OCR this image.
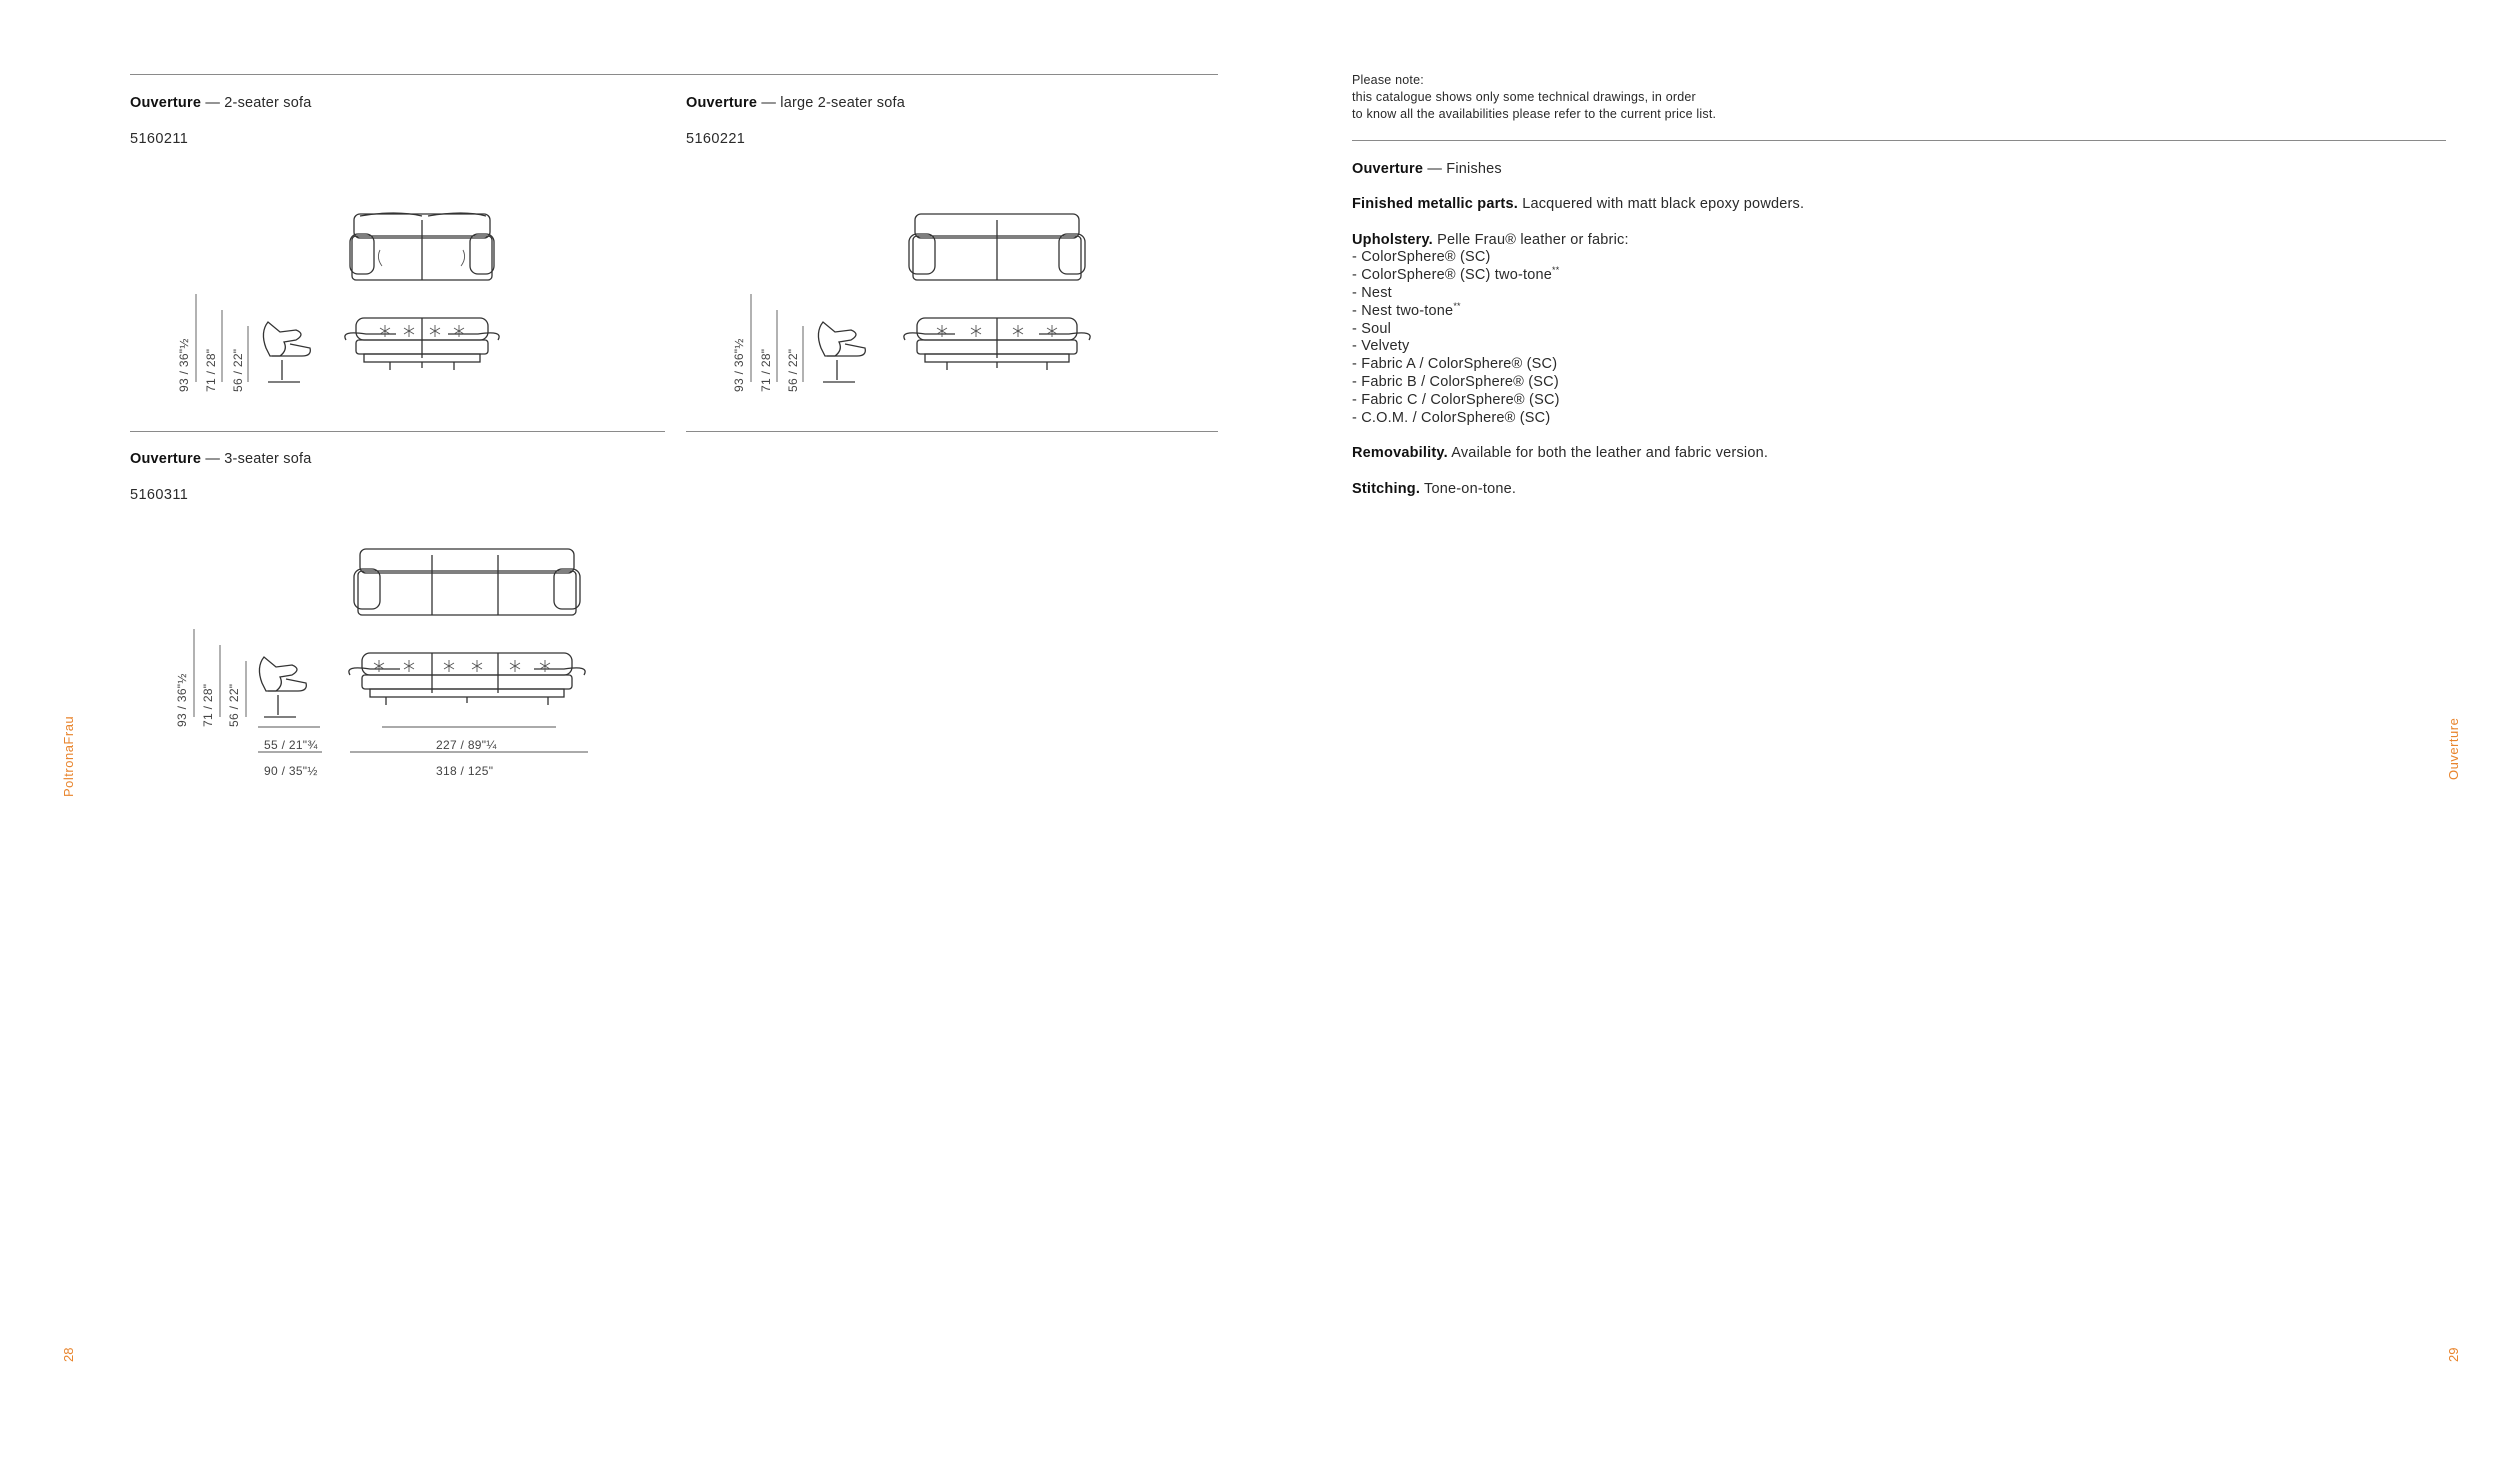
Ouverture — 2-seater sofa
5160211
Ouverture — large 2-seater sofa
5160221
93 / 36"½ 71 / 28" 56 / 22"	93 / 36"½ 71 / 28" 56 / 22"
Ouverture — 3-seater sofa
5160311
93 / 36"½ 71 / 28" 56 / 22"
55 / 21"¾
90 / 35"½
227 / 89"¼
318 / 125"
PoltronaFrau
28
Please note:
this catalogue shows only some technical drawings, in order
to know all the availabilities please refer to the current price list.
Ouverture — Finishes
Finished metallic parts. Lacquered with matt black epoxy powders.
Upholstery. Pelle Frau® leather or fabric:
- ColorSphere® (SC)
- ColorSphere® (SC) two-tone**
- Nest
- Nest two-tone**
- Soul
- Velvety
- Fabric A / ColorSphere® (SC)
- Fabric B / ColorSphere® (SC)
- Fabric C / ColorSphere® (SC)
- C.O.M. / ColorSphere® (SC)
Removability. Available for both the leather and fabric version.
Stitching. Tone-on-tone.
Ouverture
29
